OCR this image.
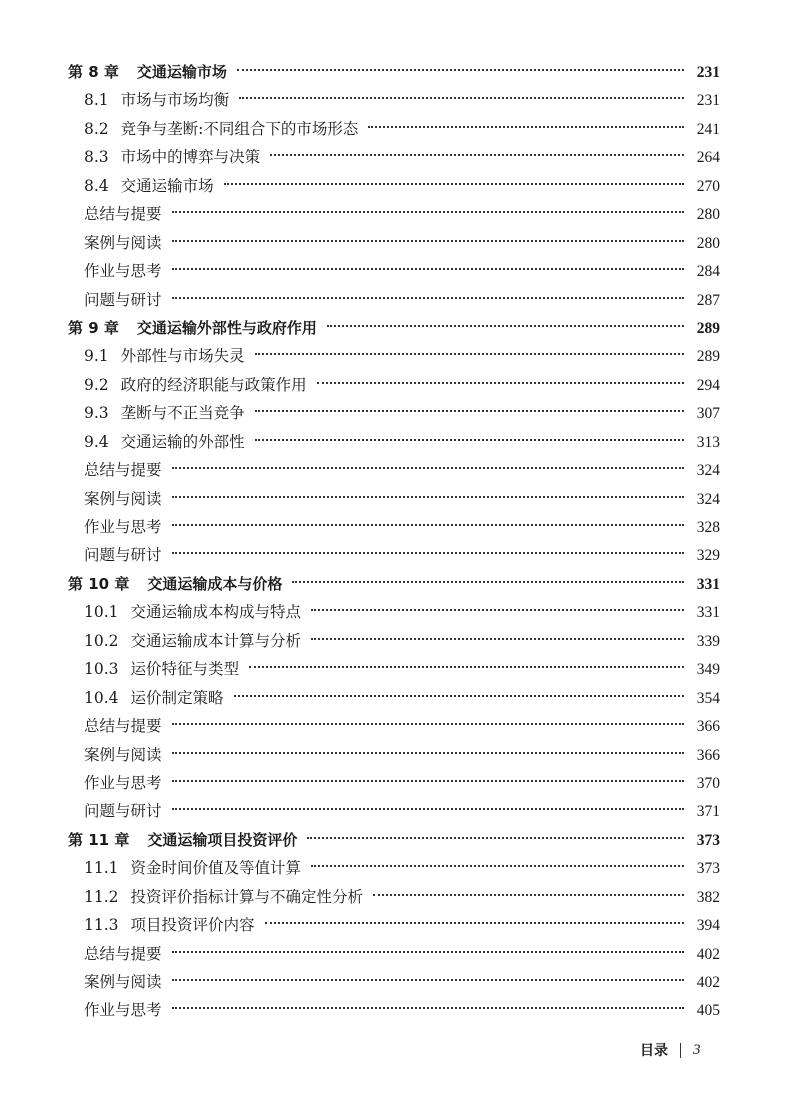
第 8 章 交通运输市场	231
8.1 市场与市场均衡	231
8.2 竞争与垄断:不同组合下的市场形态	241
8.3 市场中的博弈与决策	264
8.4 交通运输市场	270
总结与提要	280
案例与阅读	280
作业与思考	284
问题与研讨	287
第 9 章 交通运输外部性与政府作用	289
9.1 外部性与市场失灵	289
9.2 政府的经济职能与政策作用	294
9.3 垄断与不正当竞争	307
9.4 交通运输的外部性	313
总结与提要	324
案例与阅读	324
作业与思考	328
问题与研讨	329
第 10 章 交通运输成本与价格	331
10.1 交通运输成本构成与特点	331
10.2 交通运输成本计算与分析	339
10.3 运价特征与类型	349
10.4 运价制定策略	354
总结与提要	366
案例与阅读	366
作业与思考	370
问题与研讨	371
第 11 章 交通运输项目投资评价	373
11.1 资金时间价值及等值计算	373
11.2 投资评价指标计算与不确定性分析	382
11.3 项目投资评价内容	394
总结与提要	402
案例与阅读	402
作业与思考	405
目录 3
